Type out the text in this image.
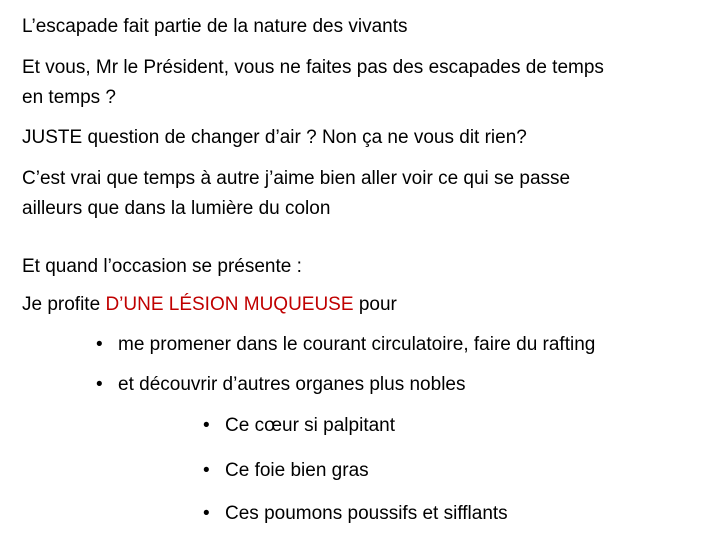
L’escapade fait partie de la nature des vivants
Et vous, Mr le Président, vous ne faites pas des escapades de temps
en temps ?
JUSTE question de changer d’air ? Non ça ne vous dit rien?
C’est vrai que temps à autre j’aime bien aller voir ce qui se passe
ailleurs que dans la lumière du colon
Et quand l’occasion se présente :
Je profite D’UNE LÉSION MUQUEUSE pour
• me promener dans le courant circulatoire, faire du rafting
• et découvrir d’autres organes plus nobles
• Ce cœur si palpitant
• Ce foie bien gras
• Ces poumons poussifs et sifflants
